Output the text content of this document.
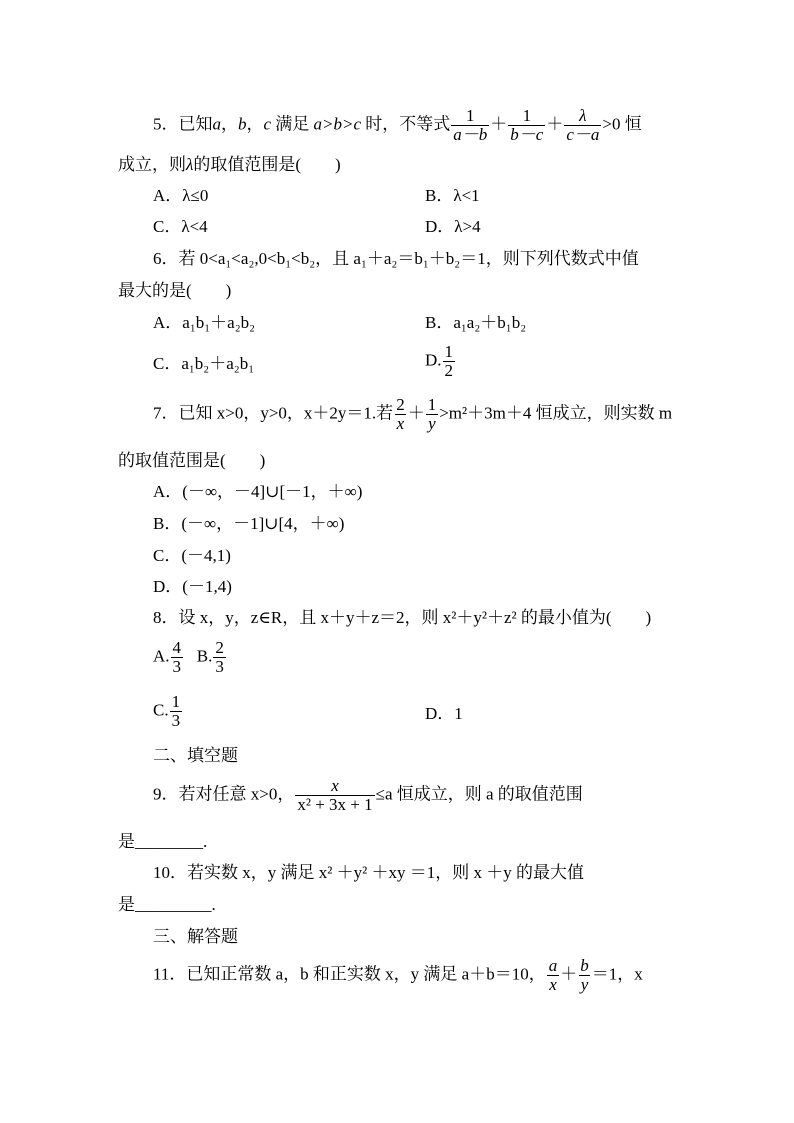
5．已知a，b，c 满足 a>b>c 时，不等式 $\frac{1}{a-b} + \frac{1}{b-c} + \frac{\lambda}{c-a} >0$ 恒
成立，则λ的取值范围是(　　)
A．λ≤0	B．λ<1
C．λ<4	D．λ>4
6．若 0<a₁<a₂,0<b₁<b₂，且 a₁＋a₂＝b₁＋b₂＝1，则下列代数式中值
最大的是(　　)
A．a₁b₁＋a₂b₂	B．a₁a₂＋b₁b₂
C．a₁b₂＋a₂b₁	D. $\frac{1}{2}$
7．已知 x>0，y>0，x＋2y＝1.若 $\frac{2}{x} + \frac{1}{y} >m^2+3m+4$ 恒成立，则实数 m
的取值范围是(　　)
A．(－∞，－4]∪[－1，＋∞)
B．(－∞，－1]∪[4，＋∞)
C．(－4,1)
D．(－1,4)
8．设 x，y，z∈R，且 x＋y＋z＝2，则 x²＋y²＋z² 的最小值为(　　)
A. $\frac{4}{3} B$. $\frac{2}{3}$
C. $\frac{1}{3}$	D．1
二、填空题
9．若对任意 x>0， $\frac{x}{\text{x² + 3x + 1}} \le a$ 恒成立，则 a 的取值范围
是________.
10．若实数 x，y 满足 x² ＋y² ＋xy ＝1，则 x ＋y 的最大值
是_________.
三、解答题
11．已知正常数 a，b 和正实数 x，y 满足 a＋b＝10， $\frac{a}{x} + \frac{b}{y} =1$，x
